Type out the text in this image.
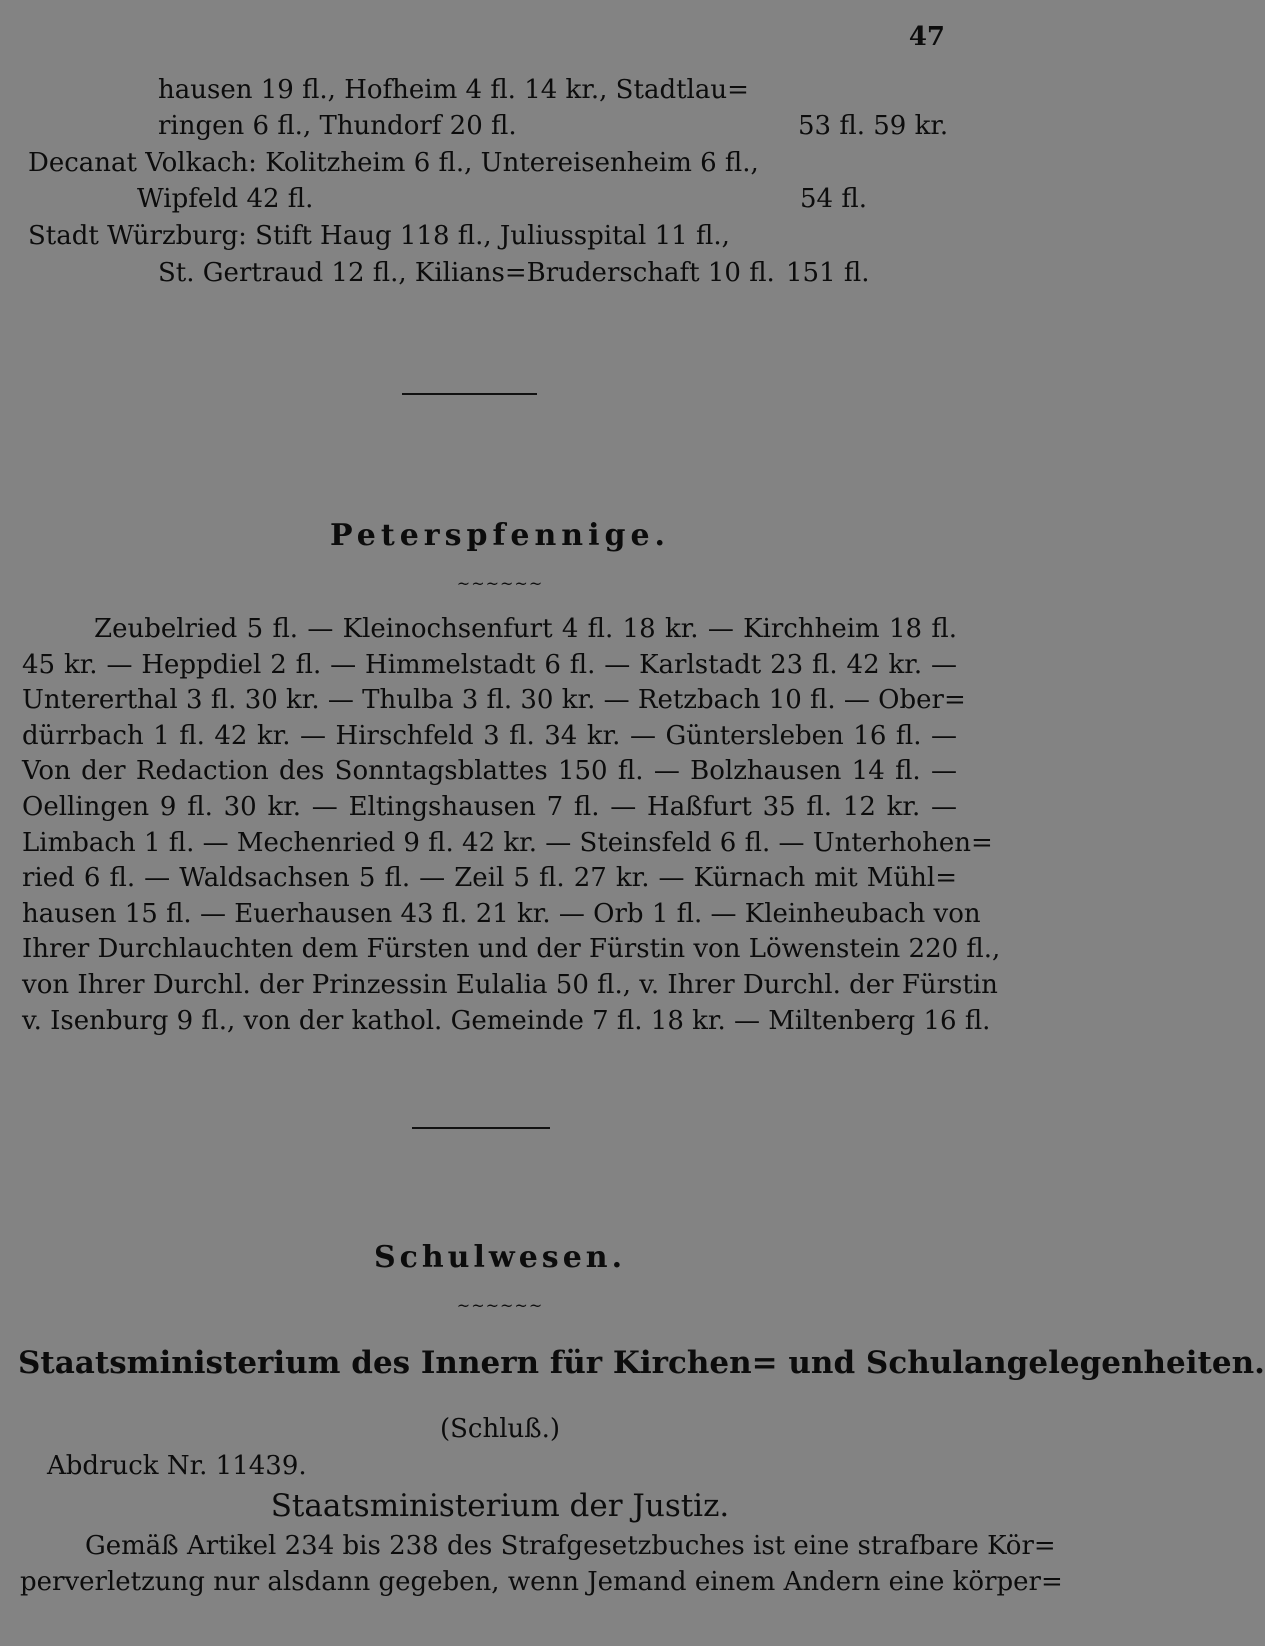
47
hausen 19 fl., Hofheim 4 fl. 14 kr., Stadtlau=
ringen 6 fl., Thundorf 20 fl.	53 fl. 59 kr.
Decanat Volkach: Kolitzheim 6 fl., Untereisenheim 6 fl.,
Wipfeld 42 fl.	54 fl.
Stadt Würzburg: Stift Haug 118 fl., Juliusspital 11 fl.,
St. Gertraud 12 fl., Kilians=Bruderschaft 10 fl. 151 fl.
Peterspfennige.
~~~~~~
Zeubelried 5 fl. — Kleinochsenfurt 4 fl. 18 kr. — Kirchheim 18 fl.
45 kr. — Heppdiel 2 fl. — Himmelstadt 6 fl. — Karlstadt 23 fl. 42 kr. —
Untererthal 3 fl. 30 kr. — Thulba 3 fl. 30 kr. — Retzbach 10 fl. — Ober=
dürrbach 1 fl. 42 kr. — Hirschfeld 3 fl. 34 kr. — Güntersleben 16 fl. —
Von der Redaction des Sonntagsblattes 150 fl. — Bolzhausen 14 fl. —
Oellingen 9 fl. 30 kr. — Eltingshausen 7 fl. — Haßfurt 35 fl. 12 kr. —
Limbach 1 fl. — Mechenried 9 fl. 42 kr. — Steinsfeld 6 fl. — Unterhohen=
ried 6 fl. — Waldsachsen 5 fl. — Zeil 5 fl. 27 kr. — Kürnach mit Mühl=
hausen 15 fl. — Euerhausen 43 fl. 21 kr. — Orb 1 fl. — Kleinheubach von
Ihrer Durchlauchten dem Fürsten und der Fürstin von Löwenstein 220 fl.,
von Ihrer Durchl. der Prinzessin Eulalia 50 fl., v. Ihrer Durchl. der Fürstin
v. Isenburg 9 fl., von der kathol. Gemeinde 7 fl. 18 kr. — Miltenberg 16 fl.
Schulwesen.
~~~~~~
Staatsministerium des Innern für Kirchen= und Schulangelegenheiten.
(Schluß.)
Abdruck Nr. 11439.
Staatsministerium der Justiz.
Gemäß Artikel 234 bis 238 des Strafgesetzbuches ist eine strafbare Kör=
perverletzung nur alsdann gegeben, wenn Jemand einem Andern eine körper=
